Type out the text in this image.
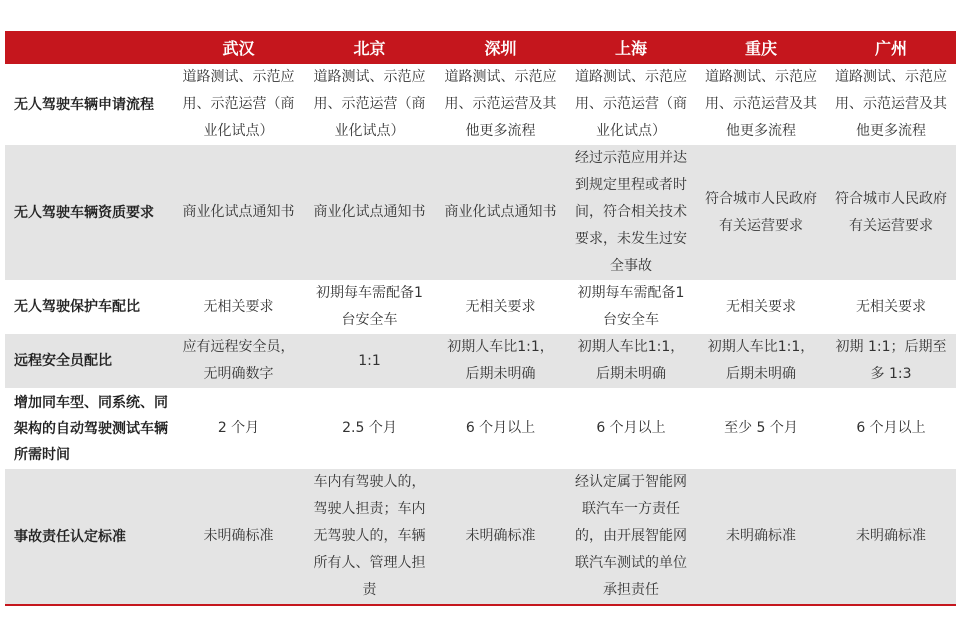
	武汉	北京	深圳	上海	重庆	广州
无人驾驶车辆申请流程	道路测试、示范应用、示范运营（商业化试点）	道路测试、示范应用、示范运营（商业化试点）	道路测试、示范应用、示范运营及其他更多流程	道路测试、示范应用、示范运营（商业化试点）	道路测试、示范应用、示范运营及其他更多流程	道路测试、示范应用、示范运营及其他更多流程
无人驾驶车辆资质要求	商业化试点通知书	商业化试点通知书	商业化试点通知书	经过示范应用并达到规定里程或者时间，符合相关技术要求，未发生过安全事故	符合城市人民政府有关运营要求	符合城市人民政府有关运营要求
无人驾驶保护车配比	无相关要求	初期每车需配备1台安全车	无相关要求	初期每车需配备1台安全车	无相关要求	无相关要求
远程安全员配比	应有远程安全员，无明确数字	1:1	初期人车比1:1，后期未明确	初期人车比1:1，后期未明确	初期人车比1:1，后期未明确	初期 1:1；后期至多 1:3
增加同车型、同系统、同架构的自动驾驶测试车辆所需时间	2 个月	2.5 个月	6 个月以上	6 个月以上	至少 5 个月	6 个月以上
事故责任认定标准	未明确标准	车内有驾驶人的，驾驶人担责；车内无驾驶人的，车辆所有人、管理人担责	未明确标准	经认定属于智能网联汽车一方责任的，由开展智能网联汽车测试的单位承担责任	未明确标准	未明确标准
